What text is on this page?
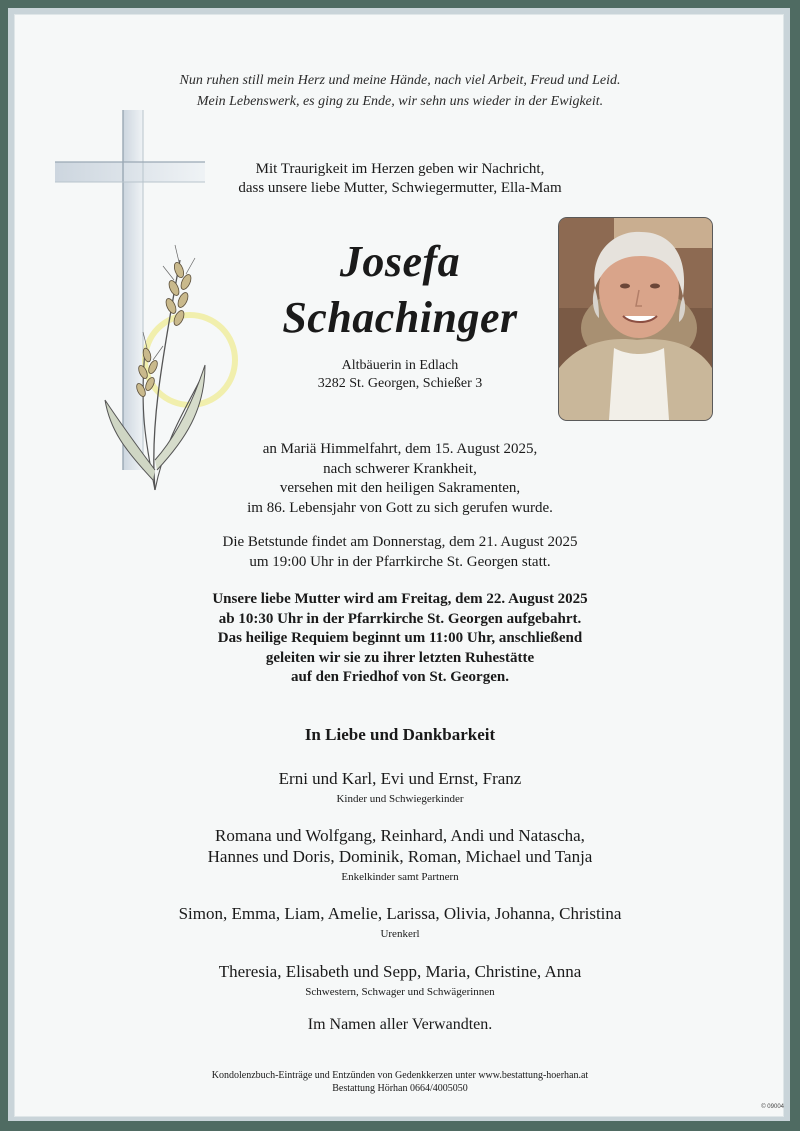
Nun ruhen still mein Herz und meine Hände, nach viel Arbeit, Freud und Leid.
Mein Lebenswerk, es ging zu Ende, wir sehn uns wieder in der Ewigkeit.
Mit Traurigkeit im Herzen geben wir Nachricht,
dass unsere liebe Mutter, Schwiegermutter, Ella-Mam
Josefa
Schachinger
Altbäuerin in Edlach
3282 St. Georgen, Schießer 3
an Mariä Himmelfahrt, dem 15. August 2025,
nach schwerer Krankheit,
versehen mit den heiligen Sakramenten,
im 86. Lebensjahr von Gott zu sich gerufen wurde.
Die Betstunde findet am Donnerstag, dem 21. August 2025
um 19:00 Uhr in der Pfarrkirche St. Georgen statt.
Unsere liebe Mutter wird am Freitag, dem 22. August 2025
ab 10:30 Uhr in der Pfarrkirche St. Georgen aufgebahrt.
Das heilige Requiem beginnt um 11:00 Uhr, anschließend
geleiten wir sie zu ihrer letzten Ruhestätte
auf den Friedhof von St. Georgen.
In Liebe und Dankbarkeit
Erni und Karl, Evi und Ernst, Franz
Kinder und Schwiegerkinder
Romana und Wolfgang, Reinhard, Andi und Natascha,
Hannes und Doris, Dominik, Roman, Michael und Tanja
Enkelkinder samt Partnern
Simon, Emma, Liam, Amelie, Larissa, Olivia, Johanna, Christina
Urenkerl
Theresia, Elisabeth und Sepp, Maria, Christine, Anna
Schwestern, Schwager und Schwägerinnen
Im Namen aller Verwandten.
Kondolenzbuch-Einträge und Entzünden von Gedenkkerzen unter www.bestattung-hoerhan.at
Bestattung Hörhan 0664/4005050
© 09004
